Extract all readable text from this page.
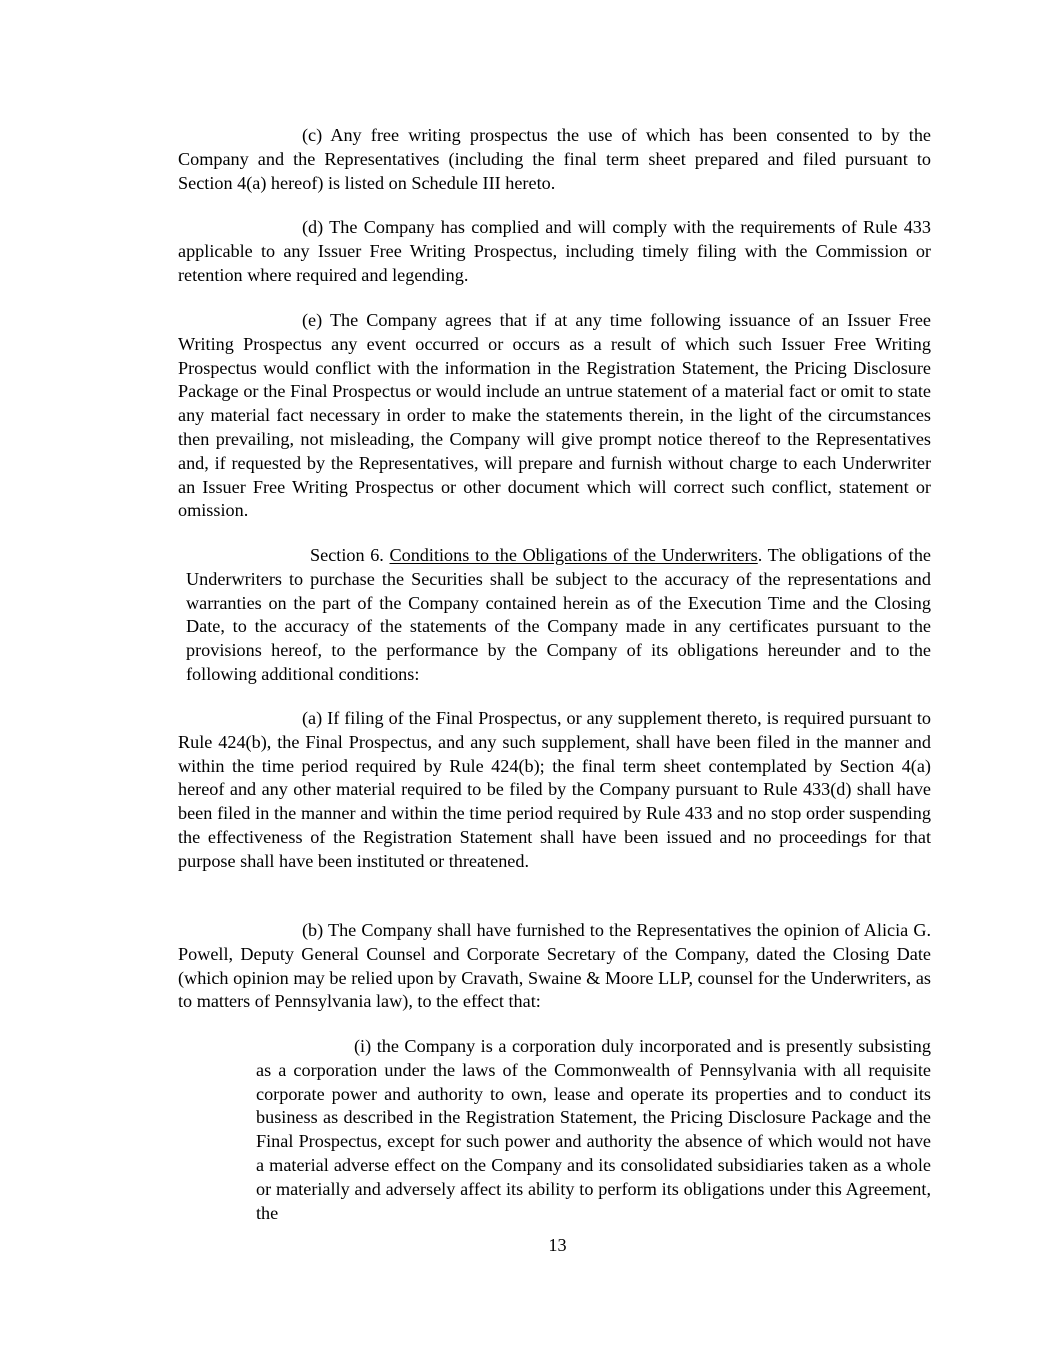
(c) Any free writing prospectus the use of which has been consented to by the Company and the Representatives (including the final term sheet prepared and filed pursuant to Section 4(a) hereof) is listed on Schedule III hereto.

(d) The Company has complied and will comply with the requirements of Rule 433 applicable to any Issuer Free Writing Prospectus, including timely filing with the Commission or retention where required and legending.

(e) The Company agrees that if at any time following issuance of an Issuer Free Writing Prospectus any event occurred or occurs as a result of which such Issuer Free Writing Prospectus would conflict with the information in the Registration Statement, the Pricing Disclosure Package or the Final Prospectus or would include an untrue statement of a material fact or omit to state any material fact necessary in order to make the statements therein, in the light of the circumstances then prevailing, not misleading, the Company will give prompt notice thereof to the Representatives and, if requested by the Representatives, will prepare and furnish without charge to each Underwriter an Issuer Free Writing Prospectus or other document which will correct such conflict, statement or omission.

Section 6. Conditions to the Obligations of the Underwriters. The obligations of the Underwriters to purchase the Securities shall be subject to the accuracy of the representations and warranties on the part of the Company contained herein as of the Execution Time and the Closing Date, to the accuracy of the statements of the Company made in any certificates pursuant to the provisions hereof, to the performance by the Company of its obligations hereunder and to the following additional conditions:

(a) If filing of the Final Prospectus, or any supplement thereto, is required pursuant to Rule 424(b), the Final Prospectus, and any such supplement, shall have been filed in the manner and within the time period required by Rule 424(b); the final term sheet contemplated by Section 4(a) hereof and any other material required to be filed by the Company pursuant to Rule 433(d) shall have been filed in the manner and within the time period required by Rule 433 and no stop order suspending the effectiveness of the Registration Statement shall have been issued and no proceedings for that purpose shall have been instituted or threatened.

(b) The Company shall have furnished to the Representatives the opinion of Alicia G. Powell, Deputy General Counsel and Corporate Secretary of the Company, dated the Closing Date (which opinion may be relied upon by Cravath, Swaine & Moore LLP, counsel for the Underwriters, as to matters of Pennsylvania law), to the effect that:

(i) the Company is a corporation duly incorporated and is presently subsisting as a corporation under the laws of the Commonwealth of Pennsylvania with all requisite corporate power and authority to own, lease and operate its properties and to conduct its business as described in the Registration Statement, the Pricing Disclosure Package and the Final Prospectus, except for such power and authority the absence of which would not have a material adverse effect on the Company and its consolidated subsidiaries taken as a whole or materially and adversely affect its ability to perform its obligations under this Agreement, the

13
